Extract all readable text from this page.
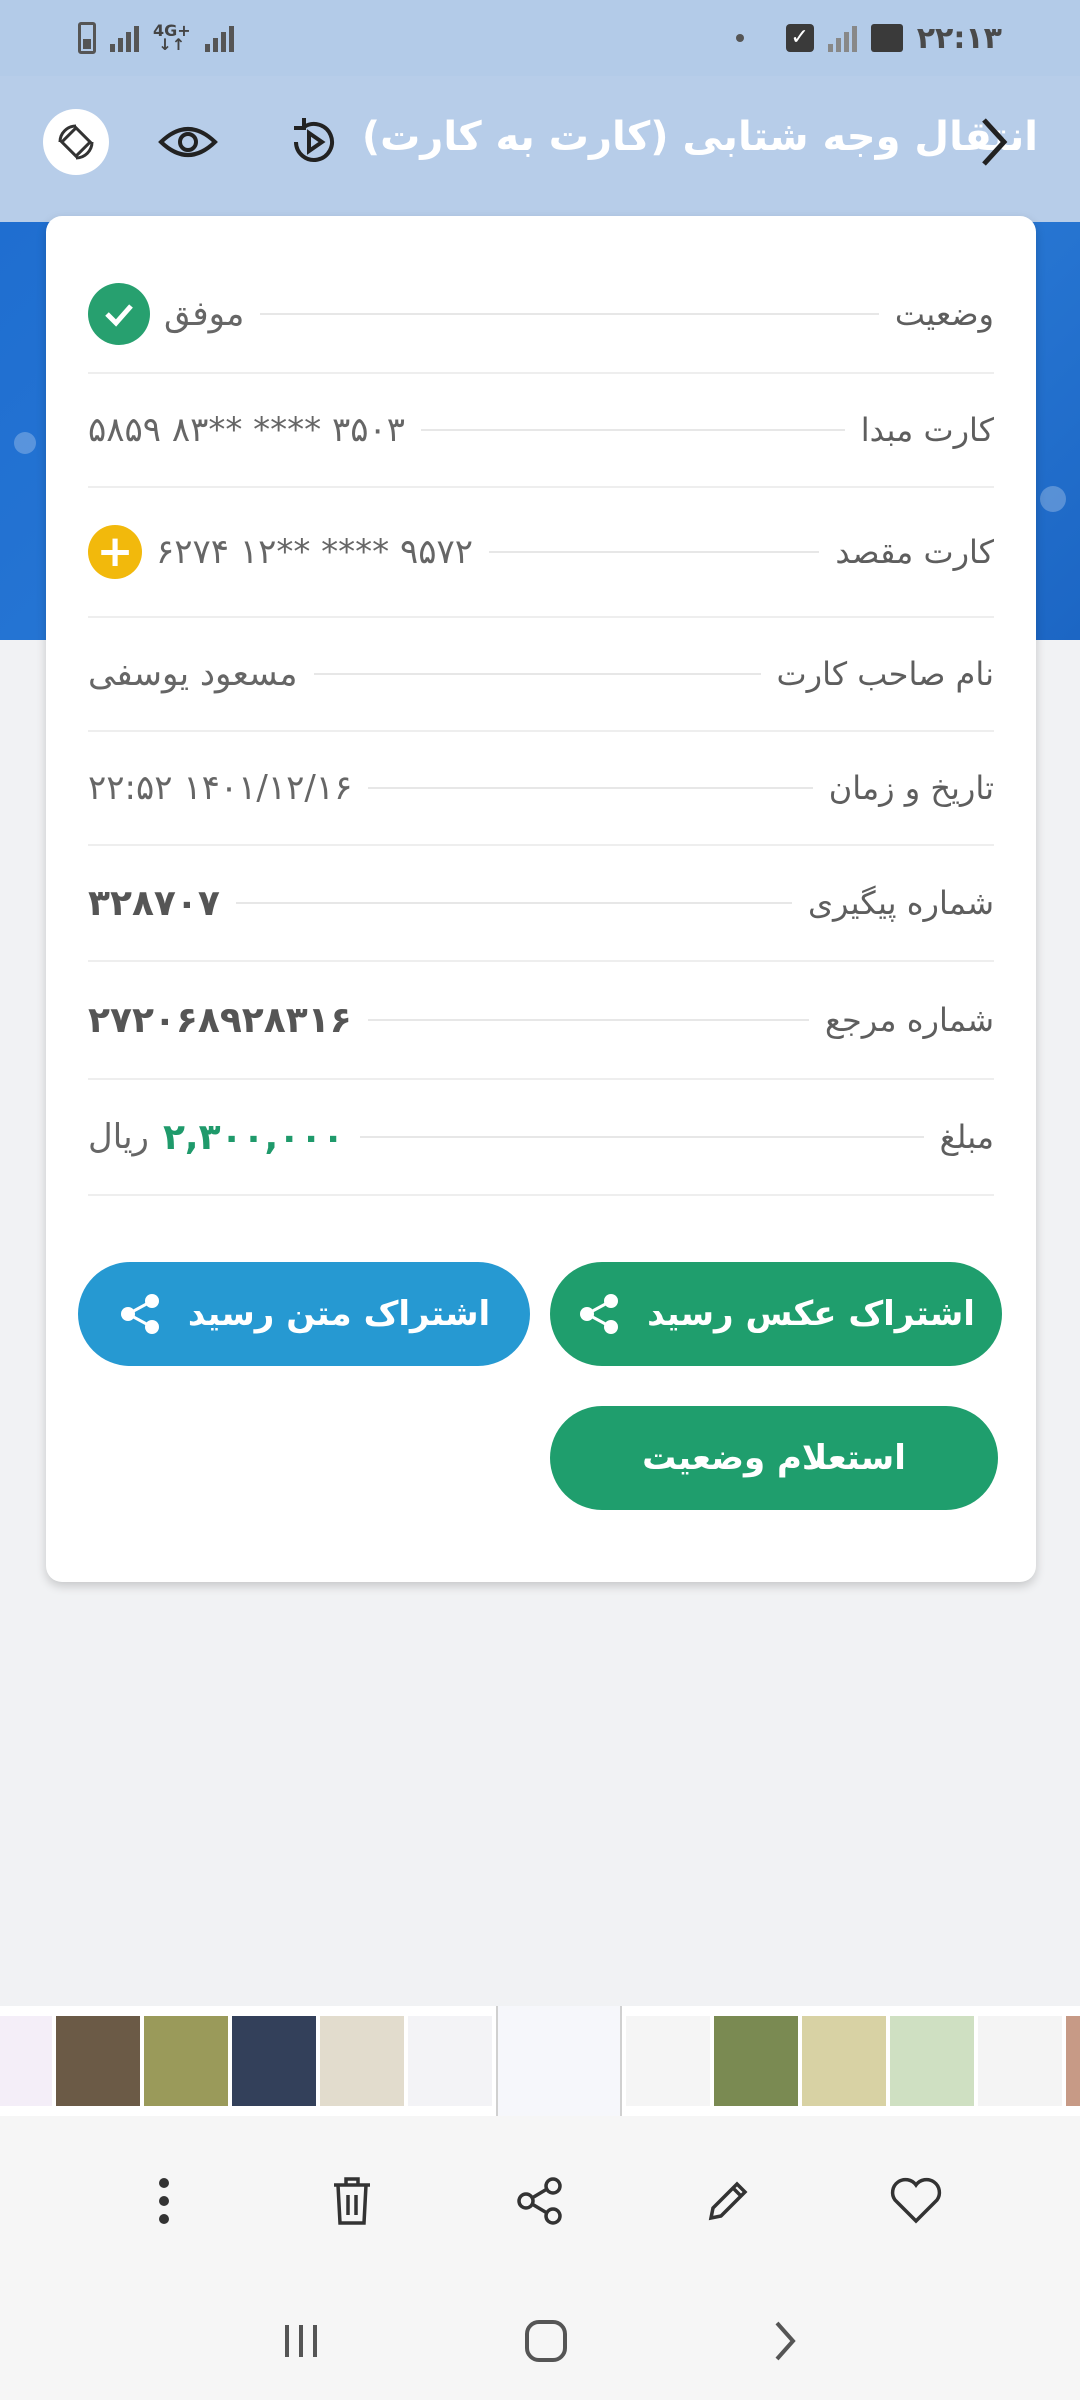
4G+
↓↑	✓	۲۲:۱۳
انتقال وجه شتابی (کارت به کارت)
وضعیت
موفق
کارت مبدا
۵۸۵۹ ۸۳** **** ۳۵۰۳
کارت مقصد
۶۲۷۴ ۱۲** **** ۹۵۷۲
+
نام صاحب کارت
مسعود یوسفی
تاریخ و زمان
۱۴۰۱/۱۲/۱۶ ۲۲:۵۲
شماره پیگیری
۳۲۸۷۰۷
شماره مرجع
۲۷۲۰۶۸۹۲۸۳۱۶
مبلغ
۲,۳۰۰,۰۰۰
ریال
اشتراک عکس رسید
اشتراک متن رسید
استعلام وضعیت
